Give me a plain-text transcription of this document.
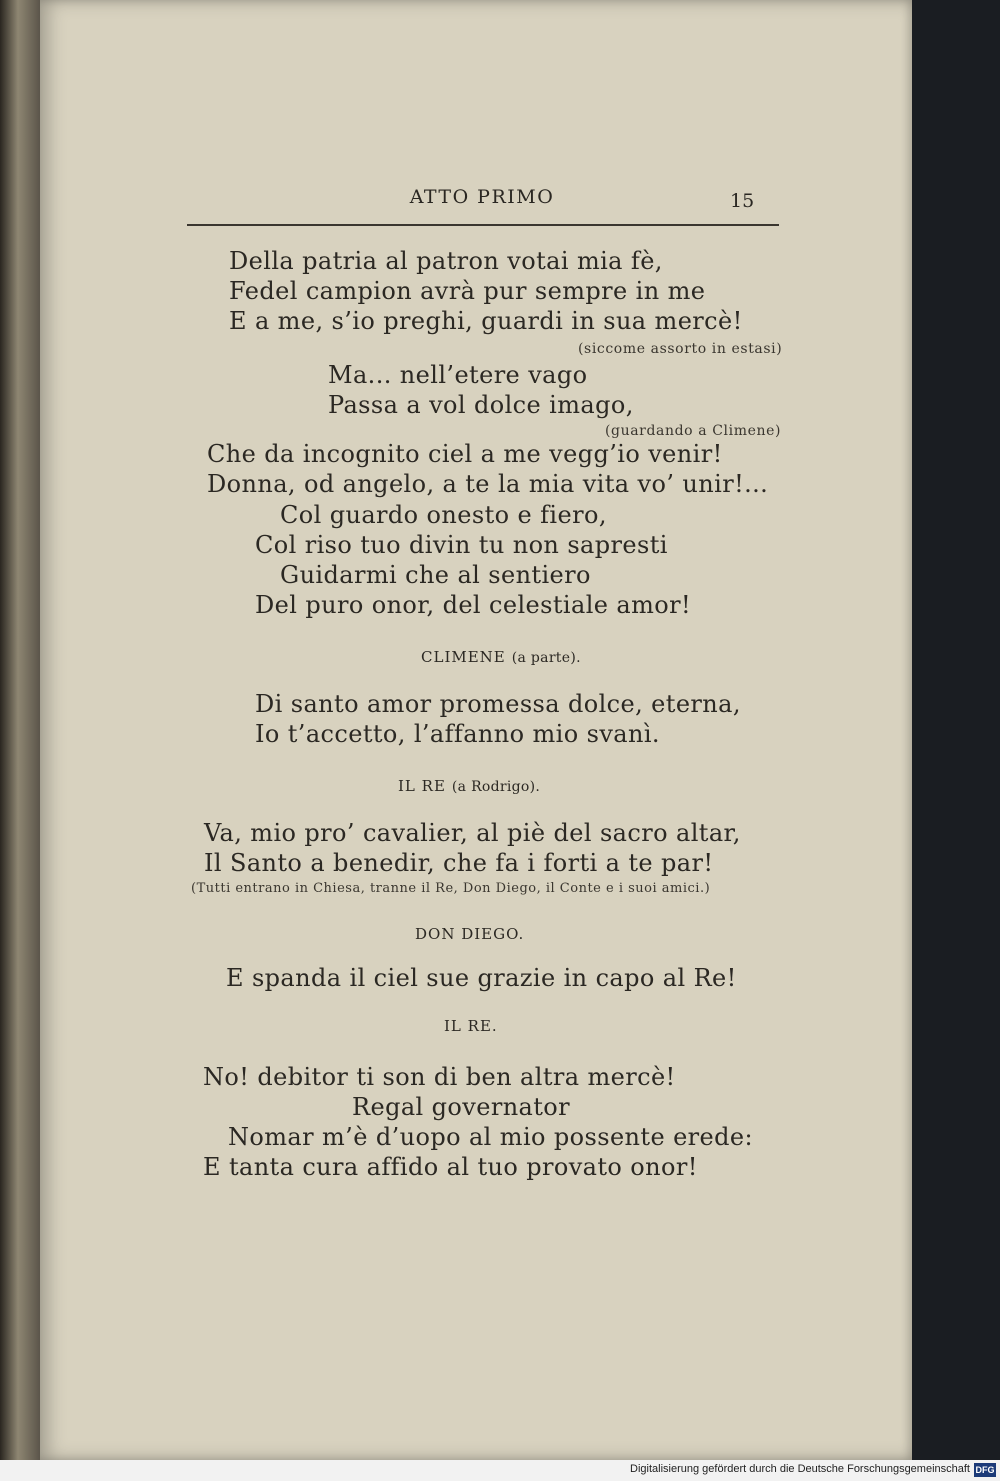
ATTO PRIMO	15
Della patria al patron votai mia fè,
Fedel campion avrà pur sempre in me
E a me, s’io preghi, guardi in sua mercè!
(siccome assorto in estasi)
Ma... nell’etere vago
Passa a vol dolce imago,
(guardando a Climene)
Che da incognito ciel a me vegg’io venir!
Donna, od angelo, a te la mia vita vo’ unir!...
Col guardo onesto e fiero,
Col riso tuo divin tu non sapresti
Guidarmi che al sentiero
Del puro onor, del celestiale amor!
CLIMENE (a parte).
Di santo amor promessa dolce, eterna,
Io t’accetto, l’affanno mio svanì.
IL RE (a Rodrigo).
Va, mio pro’ cavalier, al piè del sacro altar,
Il Santo a benedir, che fa i forti a te par!
(Tutti entrano in Chiesa, tranne il Re, Don Diego, il Conte e i suoi amici.)
DON DIEGO.
E spanda il ciel sue grazie in capo al Re!
IL RE.
No! debitor ti son di ben altra mercè!
Regal governator
Nomar m’è d’uopo al mio possente erede:
E tanta cura affido al tuo provato onor!
Digitalisierung gefördert durch die Deutsche Forschungsgemeinschaft DFG
